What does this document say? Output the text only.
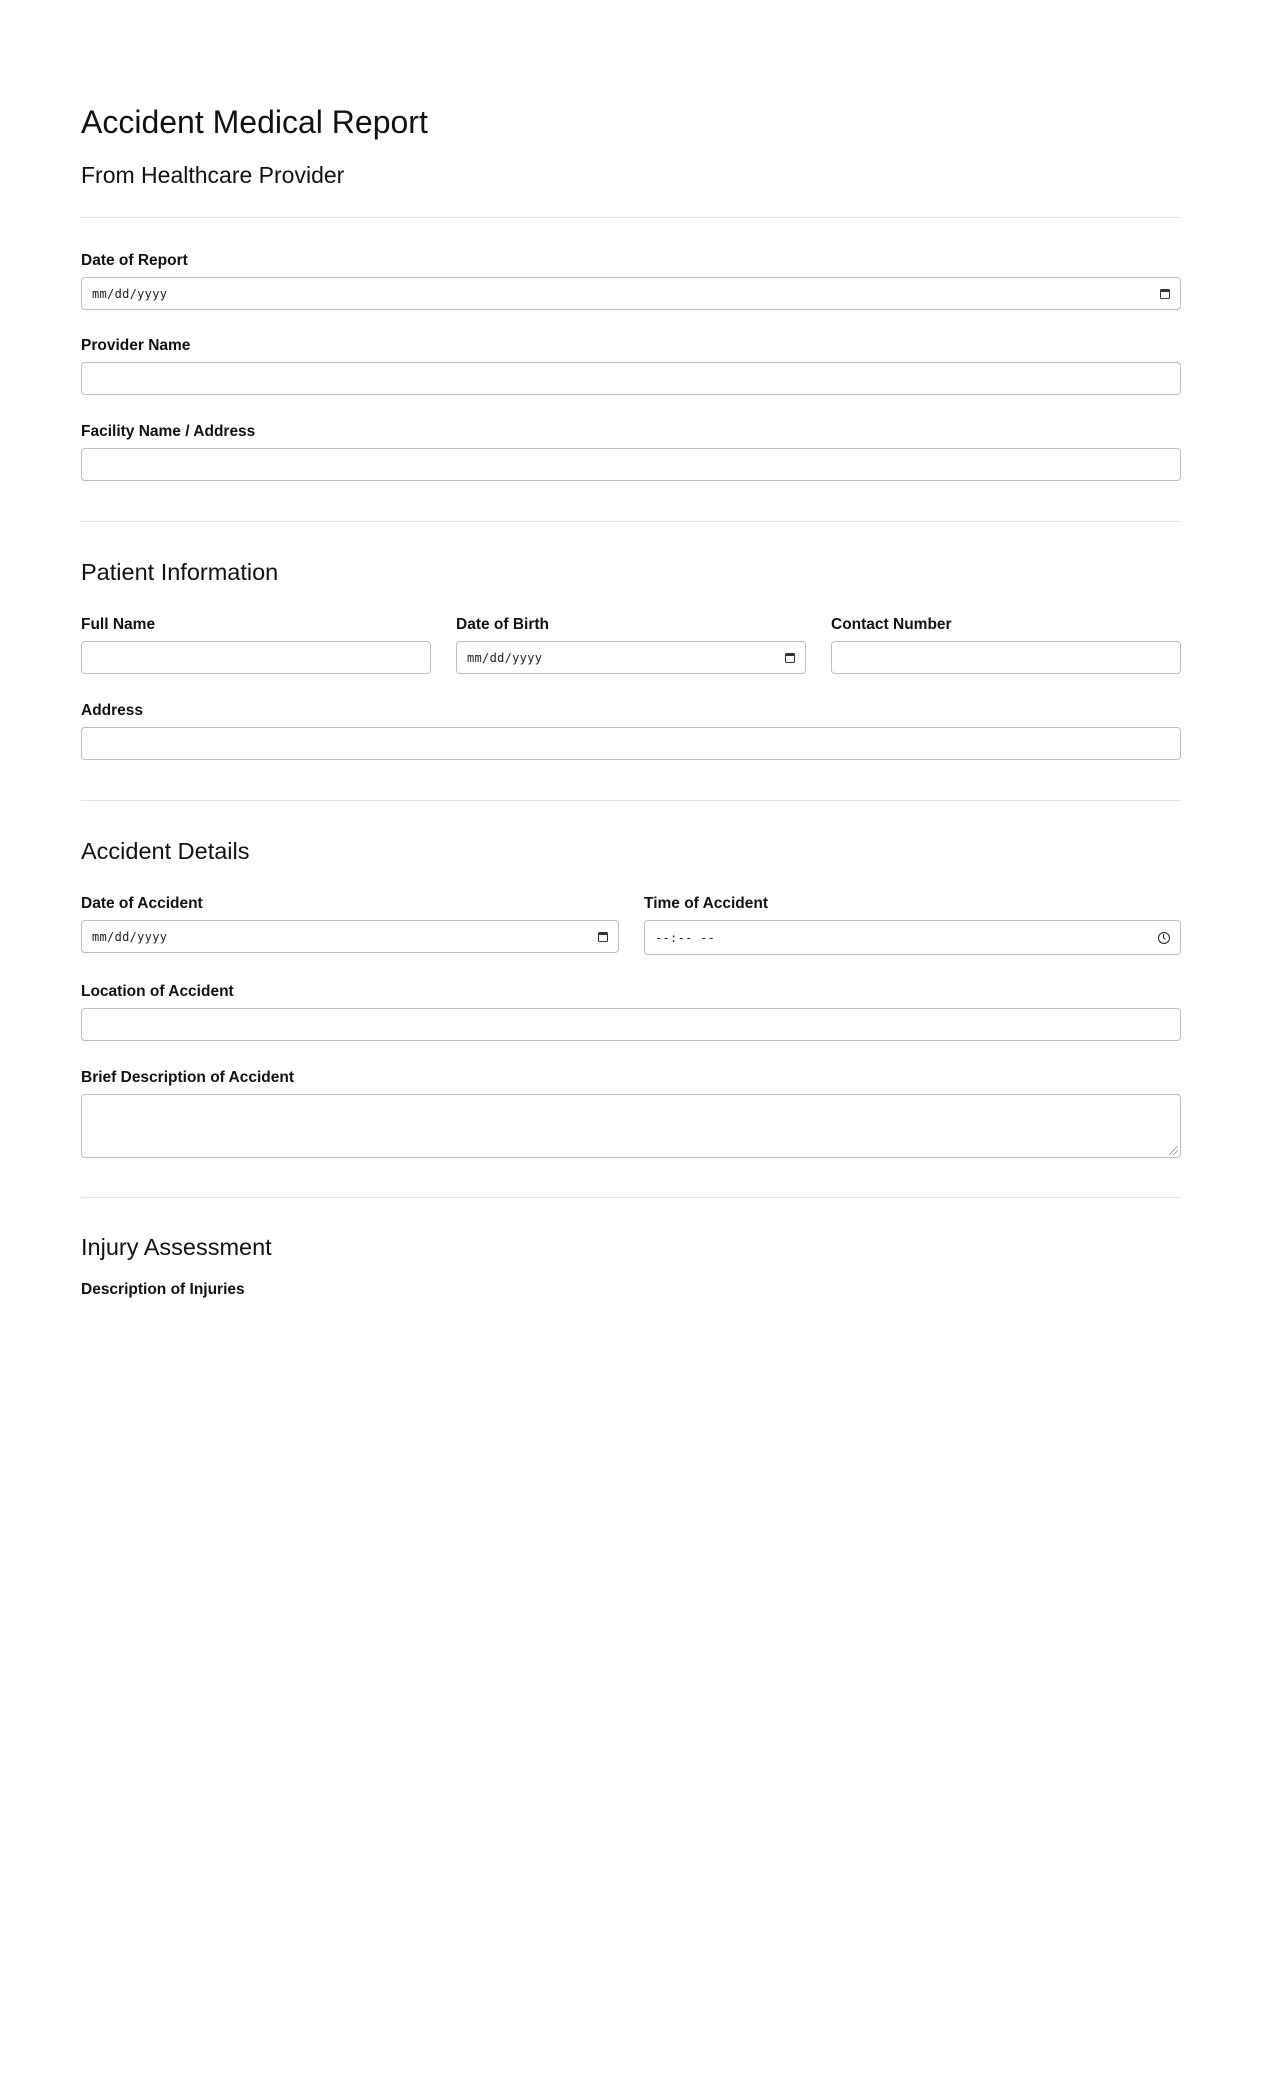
Accident Medical Report
From Healthcare Provider
Date of Report
mm/dd/yyyy
Provider Name
Facility Name / Address
Patient Information
Full Name	Date of Birth
mm/dd/yyyy
Contact Number
Address
Accident Details
Date of Accident
mm/dd/yyyy
Time of Accident
--:-- --
Location of Accident
Brief Description of Accident
Injury Assessment
Description of Injuries
